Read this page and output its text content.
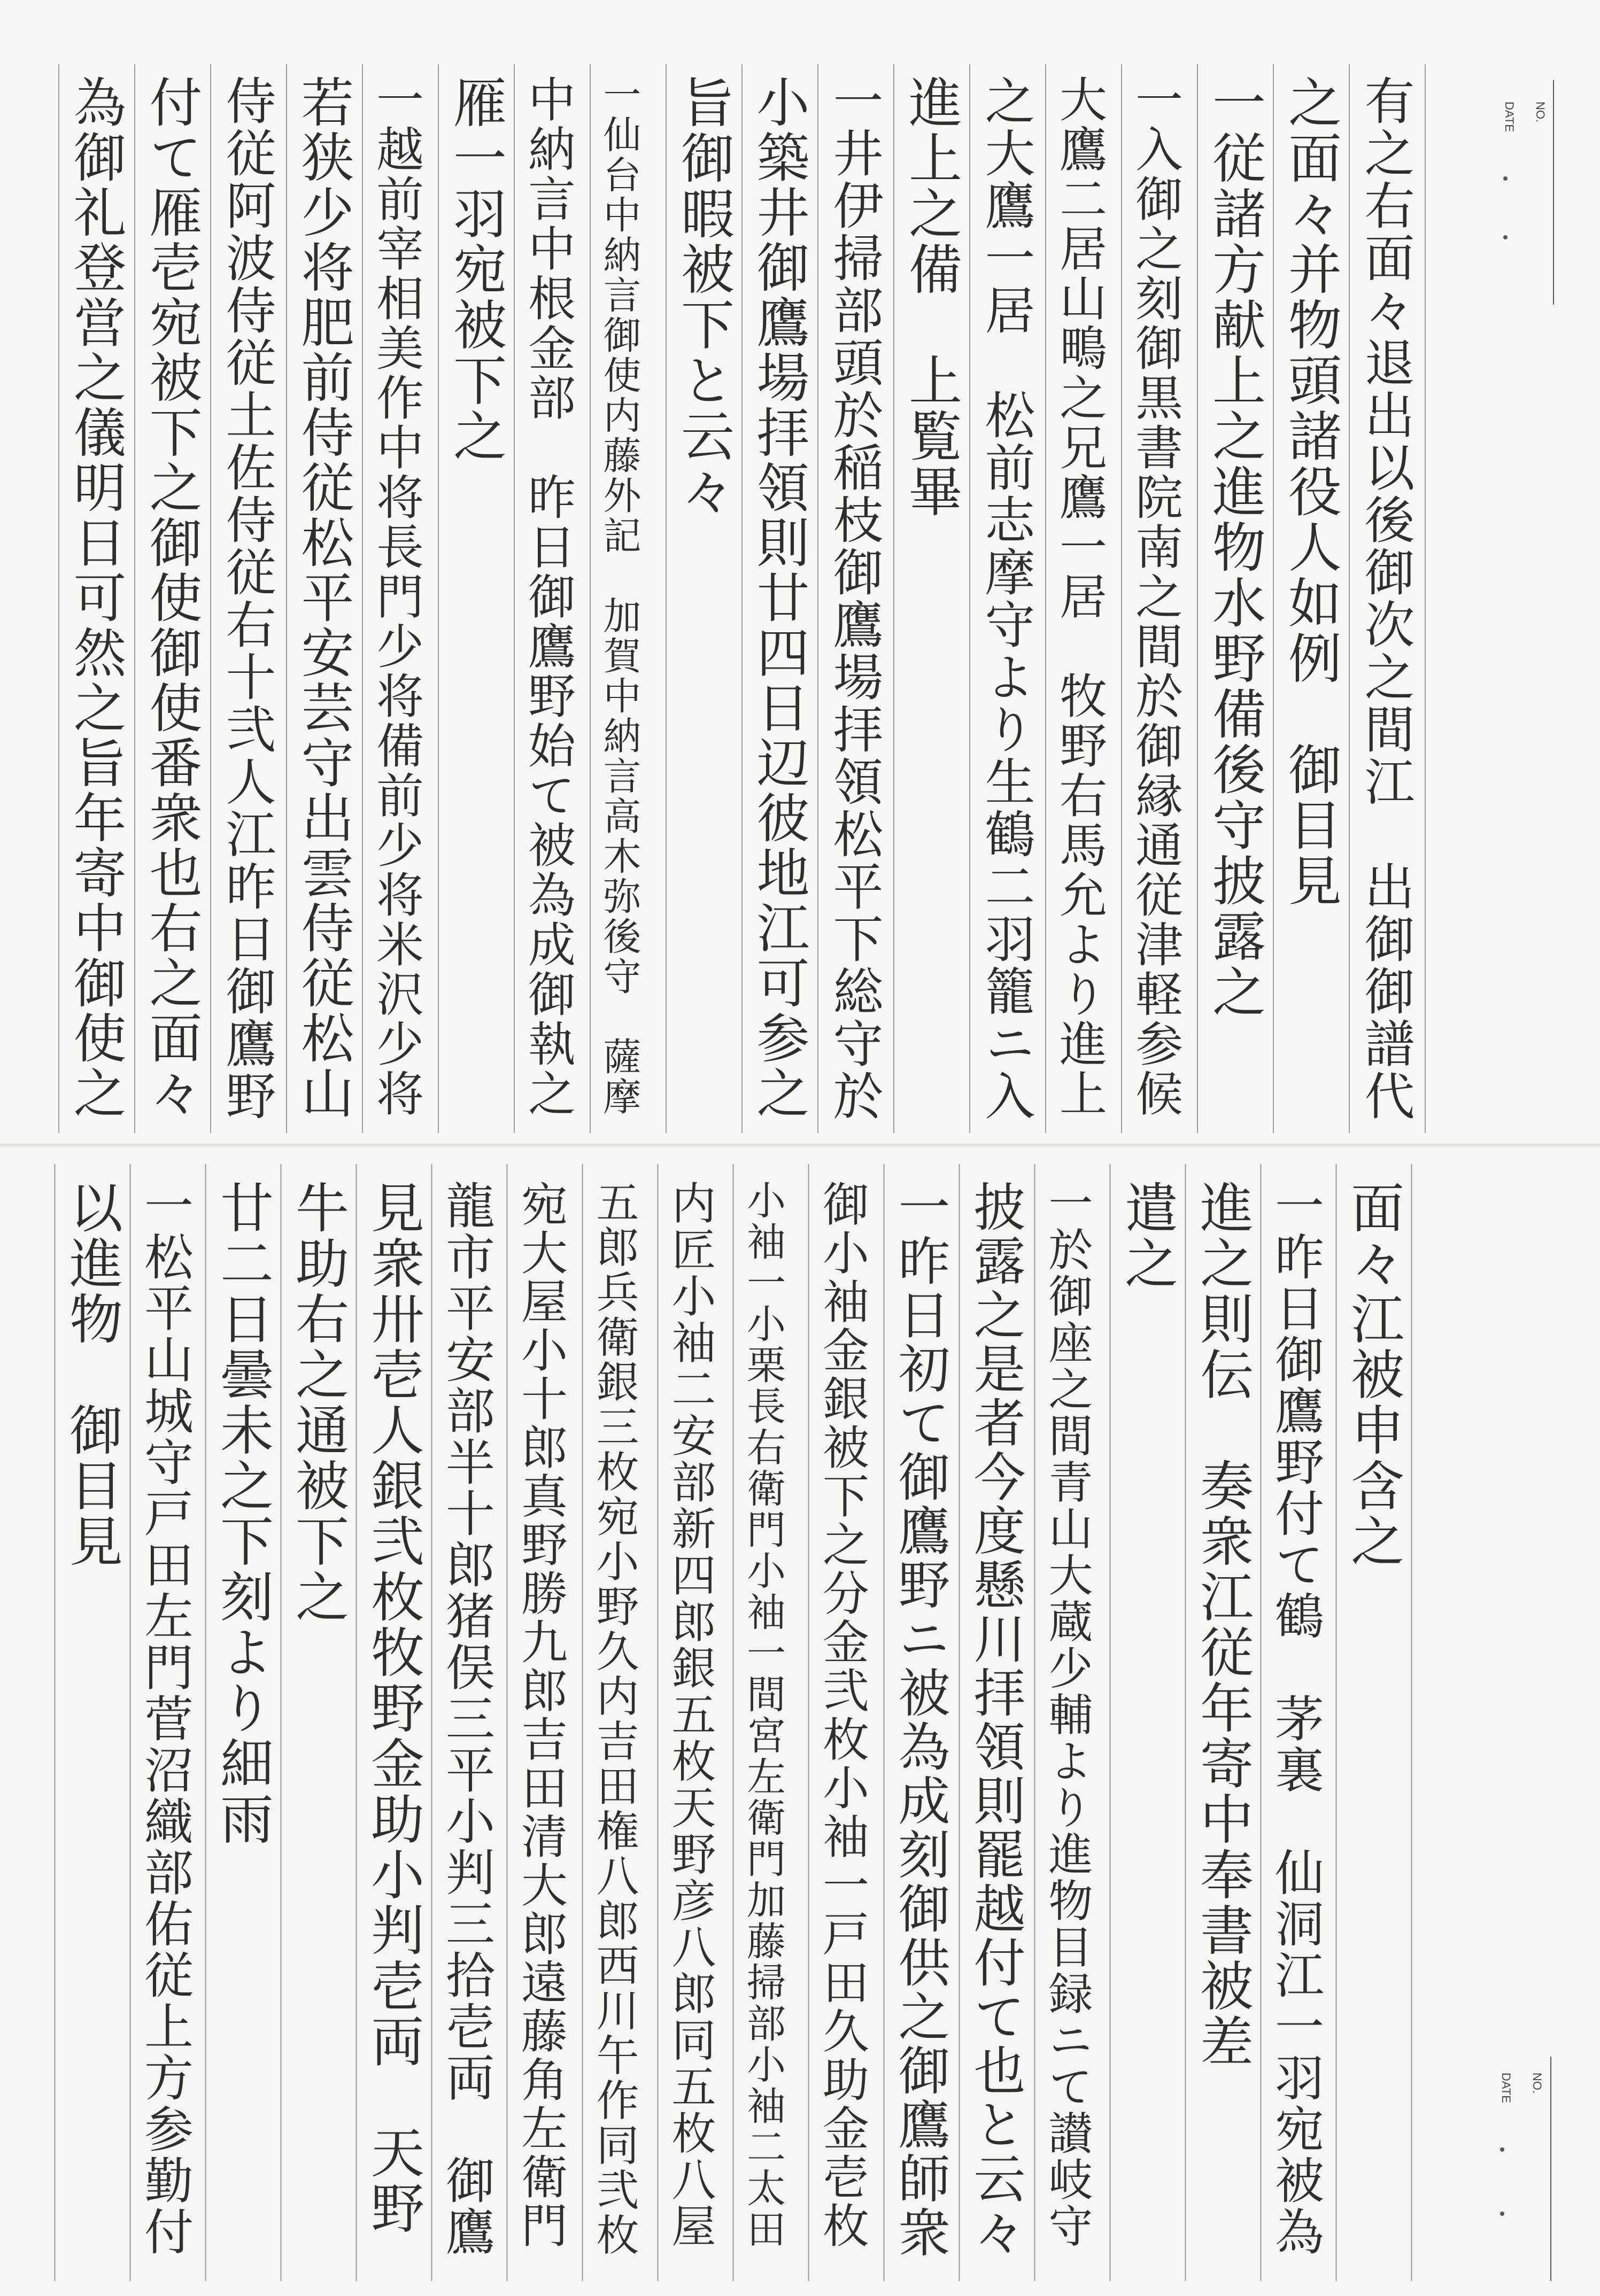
有之右面々退出以後御次之間江　出御御譜代
之面々并物頭諸役人如例　御目見
一従諸方献上之進物水野備後守披露之
一入御之刻御黒書院南之間於御縁通従津軽参候
大鷹二居山鴫之兄鷹一居　牧野右馬允より進上
之大鷹一居　松前志摩守より生鶴二羽籠ニ入
進上之備　上覧畢
一井伊掃部頭於稲枝御鷹場拝領松平下総守於
小築井御鷹場拝領則廿四日辺彼地江可参之
旨御暇被下と云々
一仙台中納言御使内藤外記　加賀中納言高木弥後守　薩摩
中納言中根金部　昨日御鷹野始て被為成御執之
雁一羽宛被下之
一越前宰相美作中将長門少将備前少将米沢少将
若狭少将肥前侍従松平安芸守出雲侍従松山
侍従阿波侍従土佐侍従右十弐人江昨日御鷹野
付て雁壱宛被下之御使御使番衆也右之面々
為御礼登営之儀明日可然之旨年寄中御使之	NO.
DATE
面々江被申含之
一昨日御鷹野付て鶴　茅裏　仙洞江一羽宛被為
進之則伝　奏衆江従年寄中奉書被差
遣之
一於御座之間青山大蔵少輔より進物目録ニて讃岐守
披露之是者今度懸川拝領則罷越付て也と云々
一昨日初て御鷹野ニ被為成刻御供之御鷹師衆
御小袖金銀被下之分金弐枚小袖一戸田久助金壱枚
小袖一小栗長右衛門小袖一間宮左衛門加藤掃部小袖二太田
内匠小袖二安部新四郎銀五枚天野彦八郎同五枚八屋
五郎兵衛銀三枚宛小野久内吉田権八郎西川午作同弐枚
宛大屋小十郎真野勝九郎吉田清大郎遠藤角左衛門
龍市平安部半十郎猪俣三平小判三拾壱両　御鷹
見衆卅壱人銀弐枚牧野金助小判壱両　天野
牛助右之通被下之
廿二日曇未之下刻より細雨
一松平山城守戸田左門菅沼織部佑従上方参勤付
以進物　御目見
NO.
DATE
